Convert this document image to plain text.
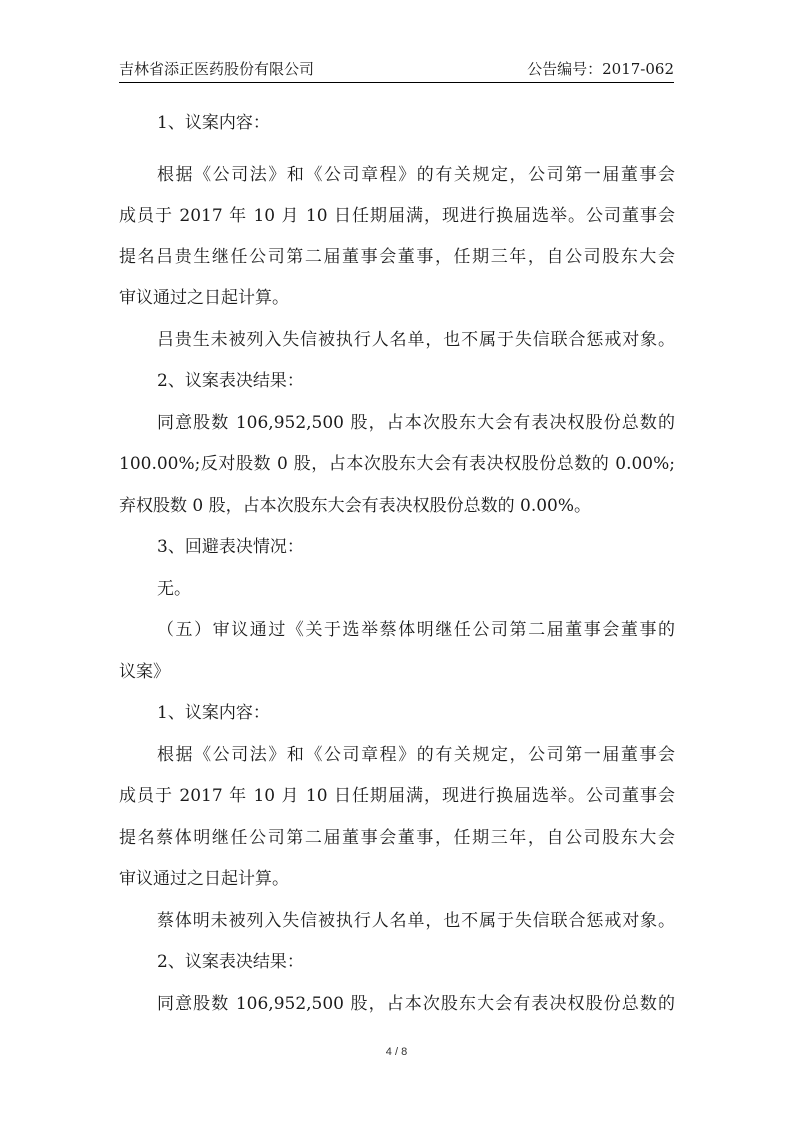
吉林省添正医药股份有限公司	公告编号：2017-062
1、议案内容：
根据《公司法》和《公司章程》的有关规定，公司第一届董事会
成员于 2017 年 10 月 10 日任期届满，现进行换届选举。公司董事会
提名吕贵生继任公司第二届董事会董事，任期三年，自公司股东大会
审议通过之日起计算。
吕贵生未被列入失信被执行人名单，也不属于失信联合惩戒对象。
2、议案表决结果：
同意股数 106,952,500 股，占本次股东大会有表决权股份总数的
100.00%;反对股数 0 股，占本次股东大会有表决权股份总数的 0.00%;
弃权股数 0 股，占本次股东大会有表决权股份总数的 0.00%。
3、回避表决情况：
无。
（五）审议通过《关于选举蔡体明继任公司第二届董事会董事的
议案》
1、议案内容：
根据《公司法》和《公司章程》的有关规定，公司第一届董事会
成员于 2017 年 10 月 10 日任期届满，现进行换届选举。公司董事会
提名蔡体明继任公司第二届董事会董事，任期三年，自公司股东大会
审议通过之日起计算。
蔡体明未被列入失信被执行人名单，也不属于失信联合惩戒对象。
2、议案表决结果：
同意股数 106,952,500 股，占本次股东大会有表决权股份总数的
4 / 8
